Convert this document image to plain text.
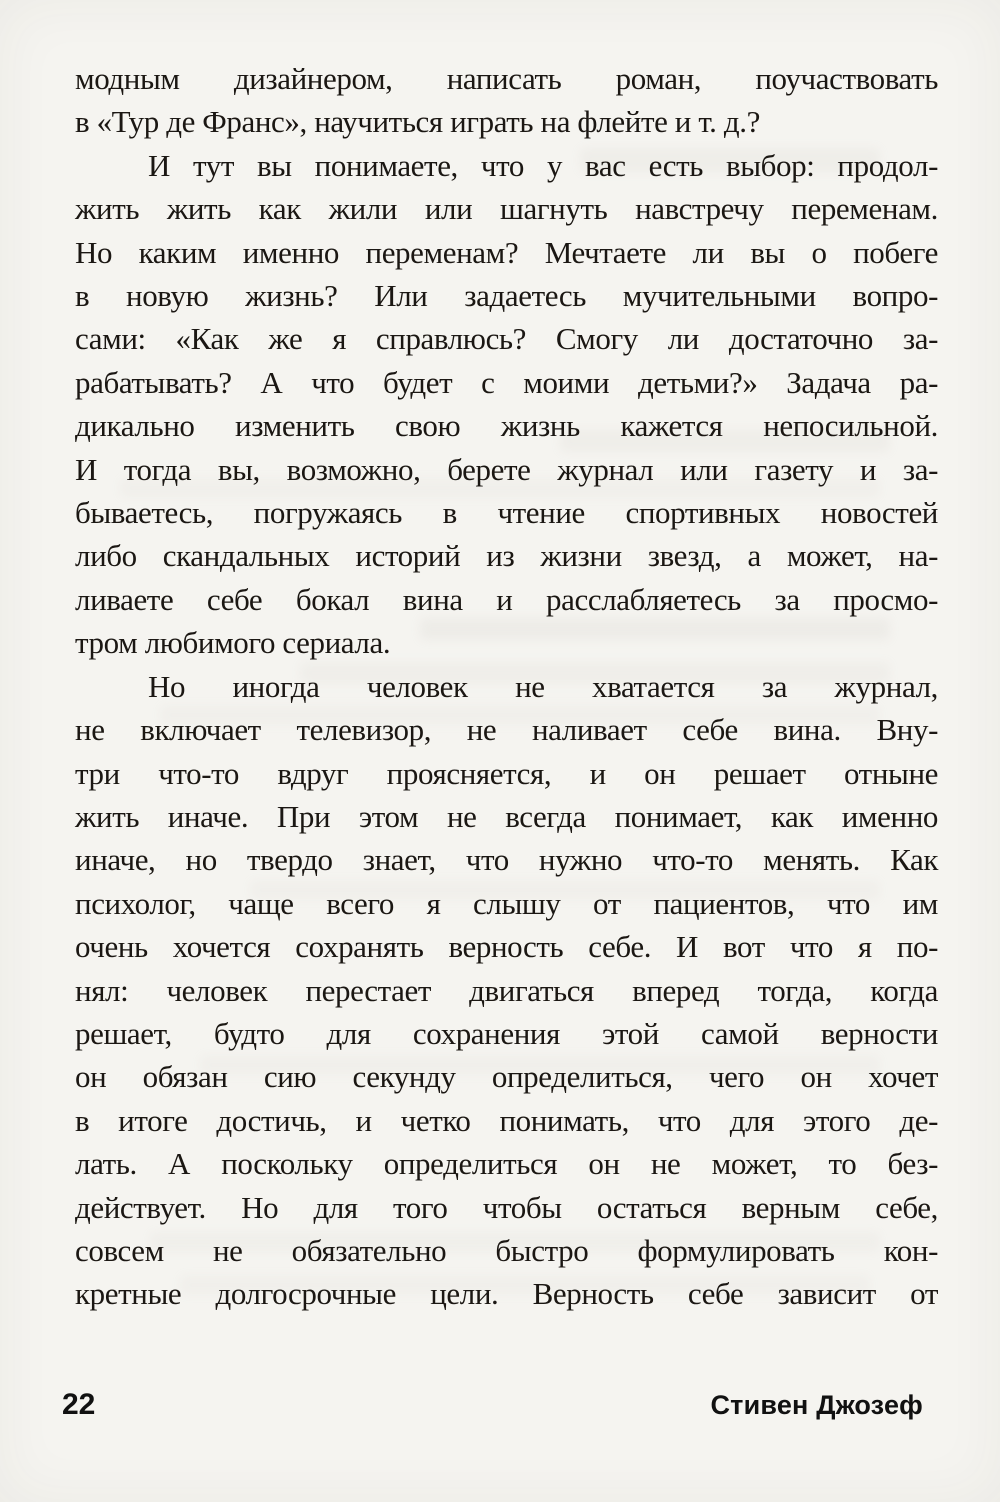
модным дизайнером, написать роман, поучаствовать
в «Тур де Франс», научиться играть на флейте и т. д.?
И тут вы понимаете, что у вас есть выбор: продол-
жить жить как жили или шагнуть навстречу переменам.
Но каким именно переменам? Мечтаете ли вы о побеге
в новую жизнь? Или задаетесь мучительными вопро-
сами: «Как же я справлюсь? Смогу ли достаточно за-
рабатывать? А что будет с моими детьми?» Задача ра-
дикально изменить свою жизнь кажется непосильной.
И тогда вы, возможно, берете журнал или газету и за-
бываетесь, погружаясь в чтение спортивных новостей
либо скандальных историй из жизни звезд, а может, на-
ливаете себе бокал вина и расслабляетесь за просмо-
тром любимого сериала.
Но иногда человек не хватается за журнал,
не включает телевизор, не наливает себе вина. Вну-
три что-то вдруг проясняется, и он решает отныне
жить иначе. При этом не всегда понимает, как именно
иначе, но твердо знает, что нужно что-то менять. Как
психолог, чаще всего я слышу от пациентов, что им
очень хочется сохранять верность себе. И вот что я по-
нял: человек перестает двигаться вперед тогда, когда
решает, будто для сохранения этой самой верности
он обязан сию секунду определиться, чего он хочет
в итоге достичь, и четко понимать, что для этого де-
лать. А поскольку определиться он не может, то без-
действует. Но для того чтобы остаться верным себе,
совсем не обязательно быстро формулировать кон-
кретные долгосрочные цели. Верность себе зависит от
22	Стивен Джозеф
